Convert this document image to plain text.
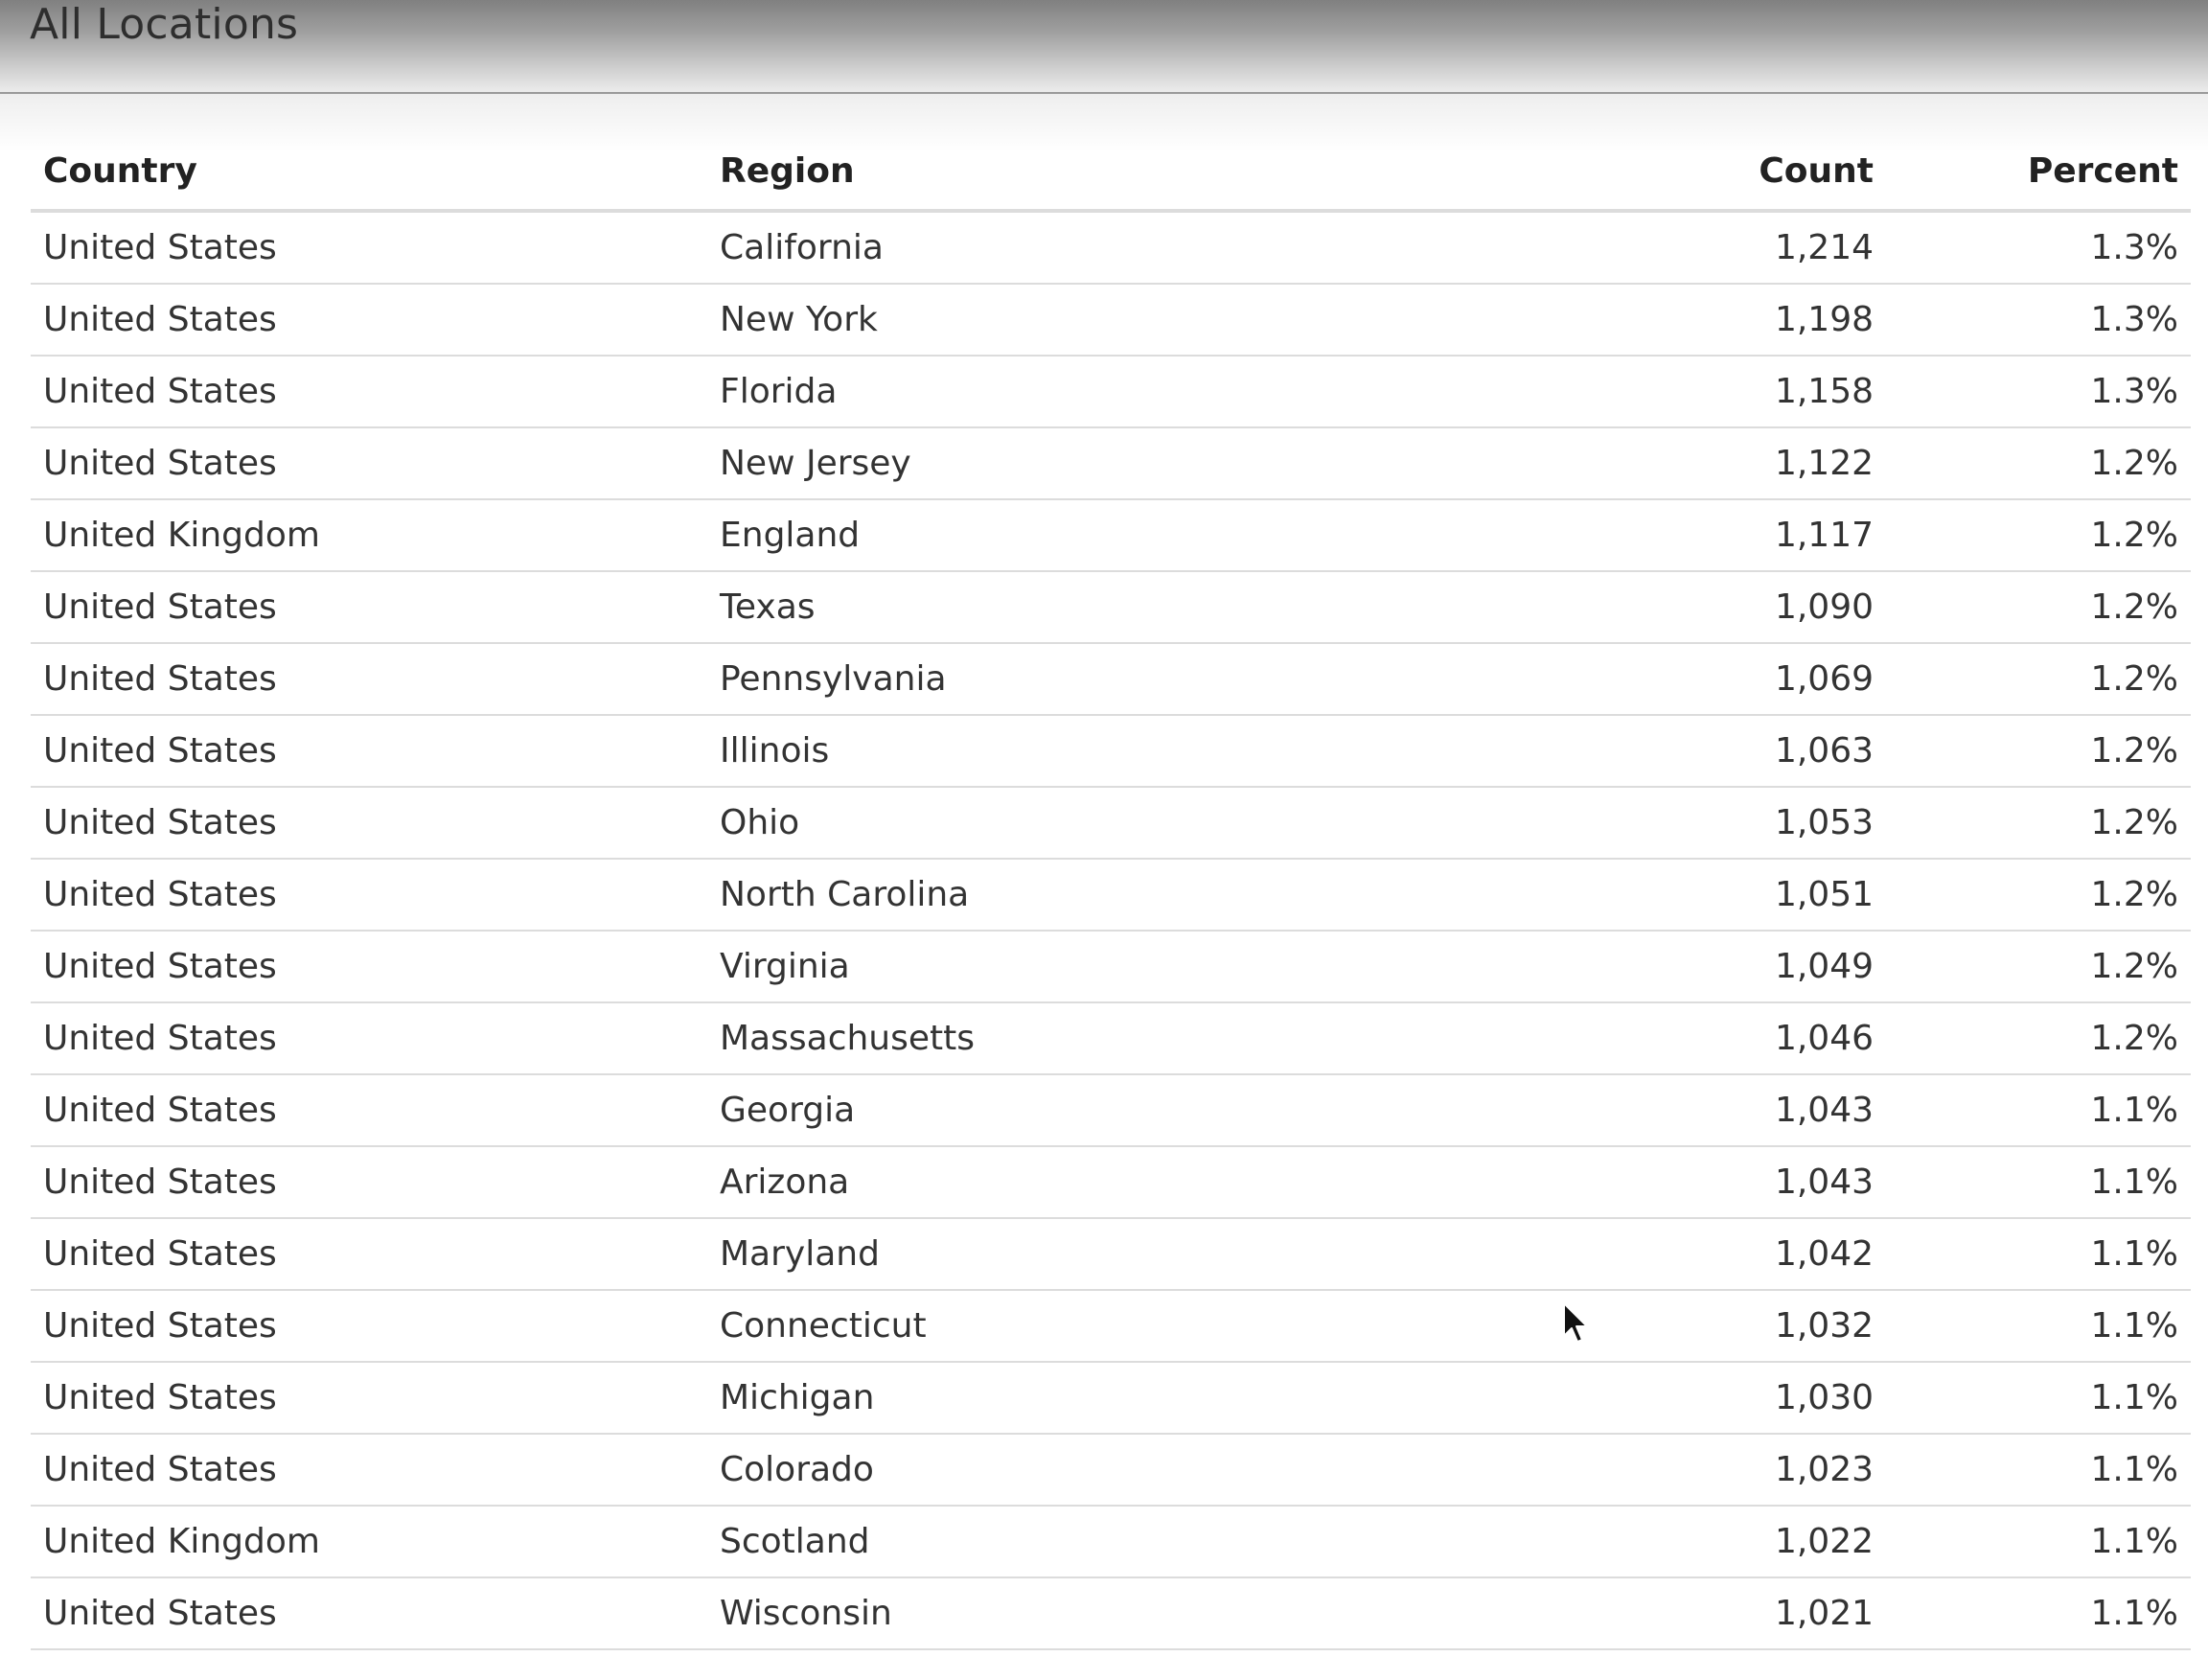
All Locations
Country	Region	Count	Percent
United States	California	1,214	1.3%
United States	New York	1,198	1.3%
United States	Florida	1,158	1.3%
United States	New Jersey	1,122	1.2%
United Kingdom	England	1,117	1.2%
United States	Texas	1,090	1.2%
United States	Pennsylvania	1,069	1.2%
United States	Illinois	1,063	1.2%
United States	Ohio	1,053	1.2%
United States	North Carolina	1,051	1.2%
United States	Virginia	1,049	1.2%
United States	Massachusetts	1,046	1.2%
United States	Georgia	1,043	1.1%
United States	Arizona	1,043	1.1%
United States	Maryland	1,042	1.1%
United States	Connecticut	1,032	1.1%
United States	Michigan	1,030	1.1%
United States	Colorado	1,023	1.1%
United Kingdom	Scotland	1,022	1.1%
United States	Wisconsin	1,021	1.1%
